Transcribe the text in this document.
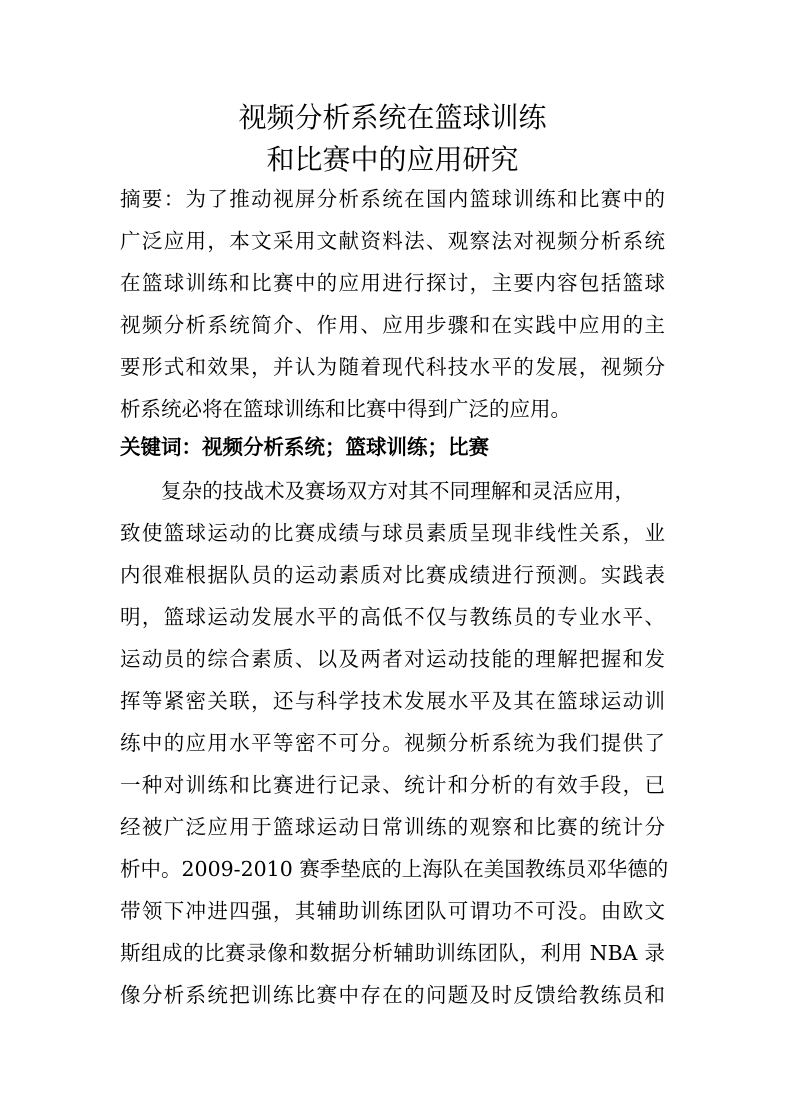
视频分析系统在篮球训练
和比赛中的应用研究
摘要：为了推动视屏分析系统在国内篮球训练和比赛中的
广泛应用，本文采用文献资料法、观察法对视频分析系统
在篮球训练和比赛中的应用进行探讨，主要内容包括篮球
视频分析系统简介、作用、应用步骤和在实践中应用的主
要形式和效果，并认为随着现代科技水平的发展，视频分
析系统必将在篮球训练和比赛中得到广泛的应用。
关键词：视频分析系统；篮球训练；比赛
复杂的技战术及赛场双方对其不同理解和灵活应用，
致使篮球运动的比赛成绩与球员素质呈现非线性关系，业
内很难根据队员的运动素质对比赛成绩进行预测。实践表
明，篮球运动发展水平的高低不仅与教练员的专业水平、
运动员的综合素质、以及两者对运动技能的理解把握和发
挥等紧密关联，还与科学技术发展水平及其在篮球运动训
练中的应用水平等密不可分。视频分析系统为我们提供了
一种对训练和比赛进行记录、统计和分析的有效手段，已
经被广泛应用于篮球运动日常训练的观察和比赛的统计分
析中。2009-2010 赛季垫底的上海队在美国教练员邓华德的
带领下冲进四强，其辅助训练团队可谓功不可没。由欧文
斯组成的比赛录像和数据分析辅助训练团队，利用 NBA 录
像分析系统把训练比赛中存在的问题及时反馈给教练员和
